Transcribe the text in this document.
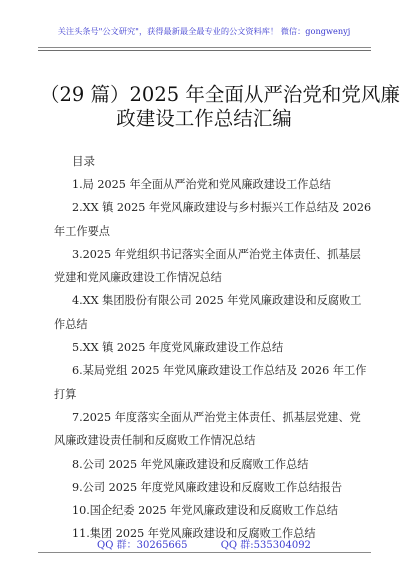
关注头条号"公文研究"，获得最新最全最专业的公文资料库！ 微信：gongwenyj
（29 篇）2025 年全面从严治党和党风廉
政建设工作总结汇编
目录
1.局 2025 年全面从严治党和党风廉政建设工作总结
2.XX 镇 2025 年党风廉政建设与乡村振兴工作总结及 2026
年工作要点
3.2025 年党组织书记落实全面从严治党主体责任、抓基层
党建和党风廉政建设工作情况总结
4.XX 集团股份有限公司 2025 年党风廉政建设和反腐败工
作总结
5.XX 镇 2025 年度党风廉政建设工作总结
6.某局党组 2025 年党风廉政建设工作总结及 2026 年工作
打算
7.2025 年度落实全面从严治党主体责任、抓基层党建、党
风廉政建设责任制和反腐败工作情况总结
8.公司 2025 年党风廉政建设和反腐败工作总结
9.公司 2025 年度党风廉政建设和反腐败工作总结报告
10.国企纪委 2025 年党风廉政建设和反腐败工作总结
11.集团 2025 年党风廉政建设和反腐败工作总结
QQ 群：30265665	QQ 群:535304092
